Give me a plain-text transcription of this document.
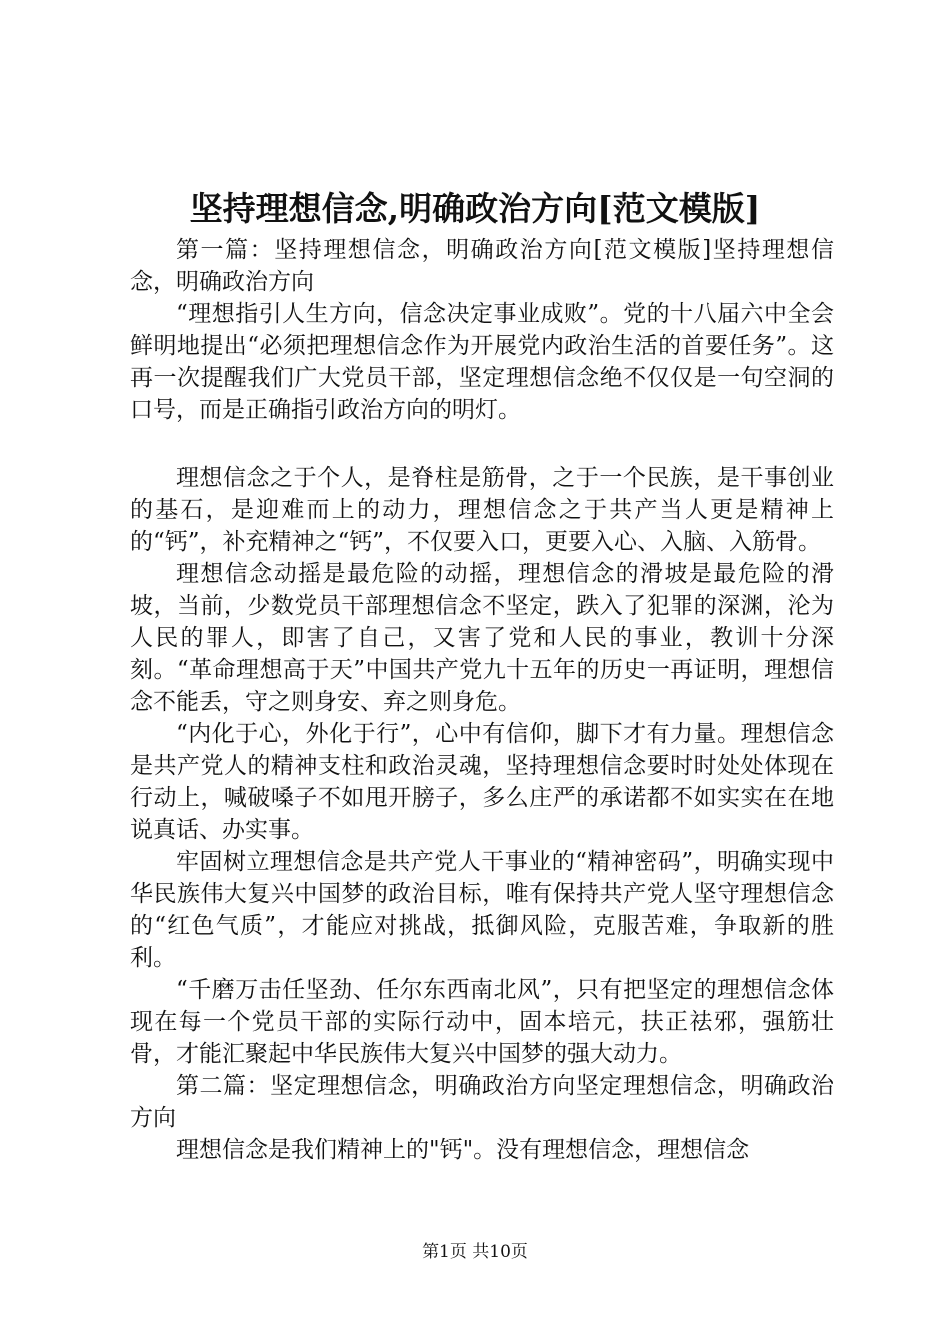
坚持理想信念,明确政治方向[范文模版]

第一篇：坚持理想信念，明确政治方向[范文模版]坚持理想信念，明确政治方向

“理想指引人生方向，信念决定事业成败”。党的十八届六中全会鲜明地提出“必须把理想信念作为开展党内政治生活的首要任务”。这再一次提醒我们广大党员干部，坚定理想信念绝不仅仅是一句空洞的口号，而是正确指引政治方向的明灯。

理想信念之于个人，是脊柱是筋骨，之于一个民族，是干事创业的基石，是迎难而上的动力，理想信念之于共产当人更是精神上的“钙”，补充精神之“钙”，不仅要入口，更要入心、入脑、入筋骨。

理想信念动摇是最危险的动摇，理想信念的滑坡是最危险的滑坡，当前，少数党员干部理想信念不坚定，跌入了犯罪的深渊，沦为人民的罪人，即害了自己，又害了党和人民的事业，教训十分深刻。“革命理想高于天”中国共产党九十五年的历史一再证明，理想信念不能丢，守之则身安、弃之则身危。

“内化于心，外化于行”，心中有信仰，脚下才有力量。理想信念是共产党人的精神支柱和政治灵魂，坚持理想信念要时时处处体现在行动上，喊破嗓子不如甩开膀子，多么庄严的承诺都不如实实在在地说真话、办实事。

牢固树立理想信念是共产党人干事业的“精神密码”，明确实现中华民族伟大复兴中国梦的政治目标，唯有保持共产党人坚守理想信念的“红色气质”，才能应对挑战，抵御风险，克服苦难，争取新的胜利。

“千磨万击任坚劲、任尔东西南北风”，只有把坚定的理想信念体现在每一个党员干部的实际行动中，固本培元，扶正祛邪，强筋壮骨，才能汇聚起中华民族伟大复兴中国梦的强大动力。

第二篇：坚定理想信念，明确政治方向坚定理想信念，明确政治方向

理想信念是我们精神上的"钙"。没有理想信念，理想信念

第1页 共10页
